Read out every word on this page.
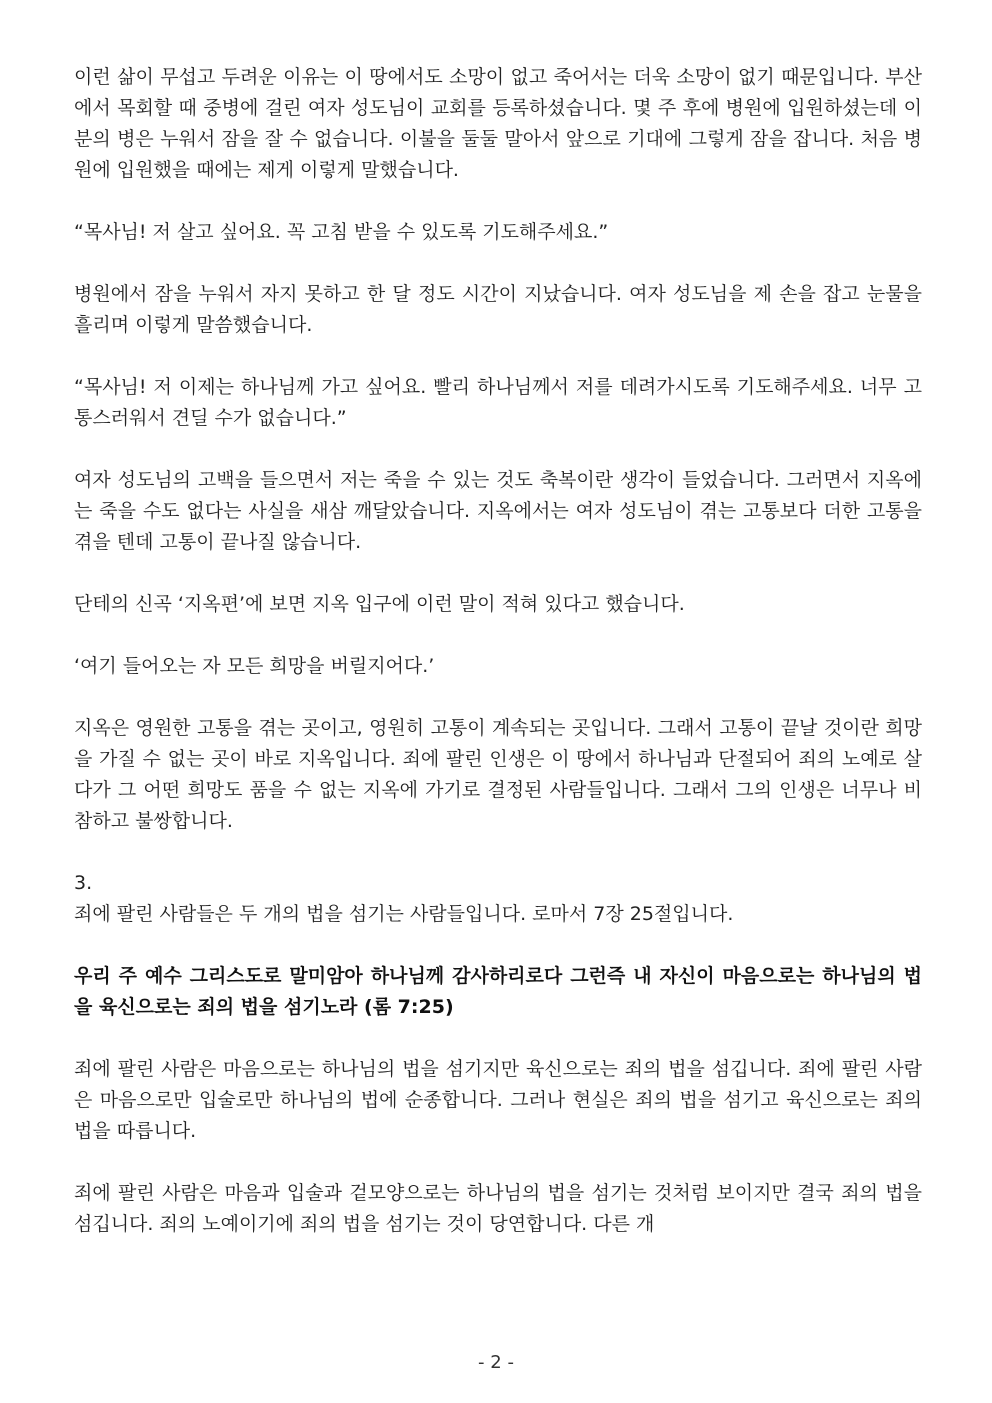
이런 삶이 무섭고 두려운 이유는 이 땅에서도 소망이 없고 죽어서는 더욱 소망이 없기 때문입니다. 부산에서 목회할 때 중병에 걸린 여자 성도님이 교회를 등록하셨습니다. 몇 주 후에 병원에 입원하셨는데 이 분의 병은 누워서 잠을 잘 수 없습니다. 이불을 둘둘 말아서 앞으로 기대에 그렇게 잠을 잡니다. 처음 병원에 입원했을 때에는 제게 이렇게 말했습니다.

“목사님! 저 살고 싶어요. 꼭 고침 받을 수 있도록 기도해주세요.”

병원에서 잠을 누워서 자지 못하고 한 달 정도 시간이 지났습니다. 여자 성도님을 제 손을 잡고 눈물을 흘리며 이렇게 말씀했습니다.

“목사님! 저 이제는 하나님께 가고 싶어요. 빨리 하나님께서 저를 데려가시도록 기도해주세요. 너무 고통스러워서 견딜 수가 없습니다.”

여자 성도님의 고백을 들으면서 저는 죽을 수 있는 것도 축복이란 생각이 들었습니다. 그러면서 지옥에는 죽을 수도 없다는 사실을 새삼 깨달았습니다. 지옥에서는 여자 성도님이 겪는 고통보다 더한 고통을 겪을 텐데 고통이 끝나질 않습니다.

단테의 신곡 ‘지옥편’에 보면 지옥 입구에 이런 말이 적혀 있다고 했습니다.

‘여기 들어오는 자 모든 희망을 버릴지어다.’

지옥은 영원한 고통을 겪는 곳이고, 영원히 고통이 계속되는 곳입니다. 그래서 고통이 끝날 것이란 희망을 가질 수 없는 곳이 바로 지옥입니다. 죄에 팔린 인생은 이 땅에서 하나님과 단절되어 죄의 노예로 살다가 그 어떤 희망도 품을 수 없는 지옥에 가기로 결정된 사람들입니다. 그래서 그의 인생은 너무나 비참하고 불쌍합니다.

3.

죄에 팔린 사람들은 두 개의 법을 섬기는 사람들입니다. 로마서 7장 25절입니다.

우리 주 예수 그리스도로 말미암아 하나님께 감사하리로다 그런즉 내 자신이 마음으로는 하나님의 법을 육신으로는 죄의 법을 섬기노라 (롬 7:25)

죄에 팔린 사람은 마음으로는 하나님의 법을 섬기지만 육신으로는 죄의 법을 섬깁니다. 죄에 팔린 사람은 마음으로만 입술로만 하나님의 법에 순종합니다. 그러나 현실은 죄의 법을 섬기고 육신으로는 죄의 법을 따릅니다.

죄에 팔린 사람은 마음과 입술과 겉모양으로는 하나님의 법을 섬기는 것처럼 보이지만 결국 죄의 법을 섬깁니다. 죄의 노예이기에 죄의 법을 섬기는 것이 당연합니다. 다른 개

- 2 -
